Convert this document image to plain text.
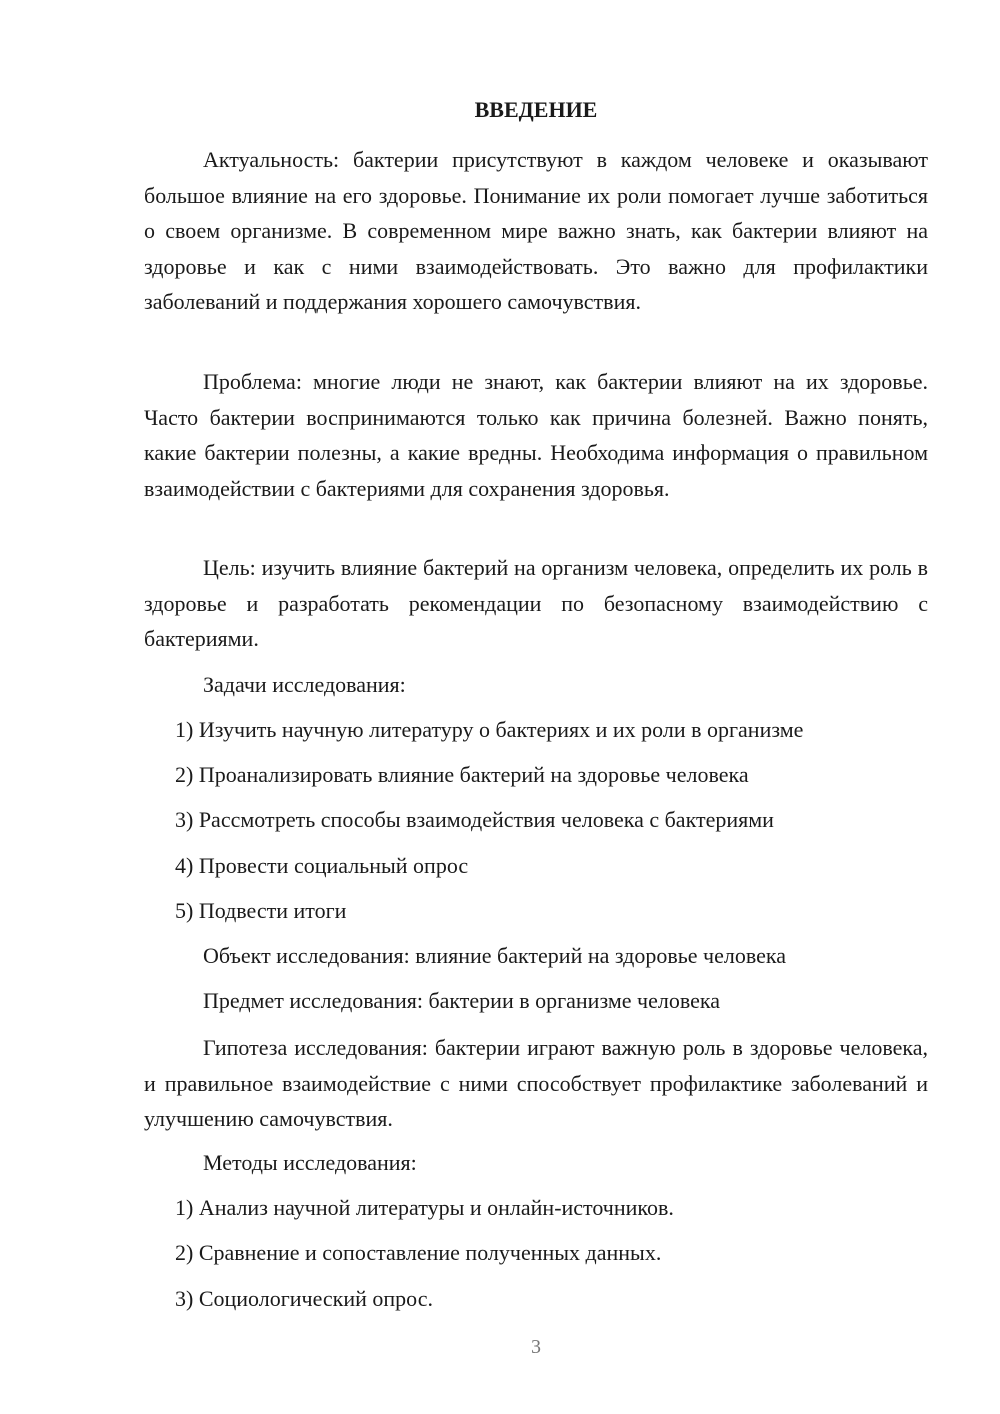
ВВЕДЕНИЕ

Актуальность: бактерии присутствуют в каждом человеке и оказывают большое влияние на его здоровье. Понимание их роли помогает лучше заботиться о своем организме. В современном мире важно знать, как бактерии влияют на здоровье и как с ними взаимодействовать. Это важно для профилактики заболеваний и поддержания хорошего самочувствия.

Проблема: многие люди не знают, как бактерии влияют на их здоровье. Часто бактерии воспринимаются только как причина болезней. Важно понять, какие бактерии полезны, а какие вредны. Необходима информация о правильном взаимодействии с бактериями для сохранения здоровья.

Цель: изучить влияние бактерий на организм человека, определить их роль в здоровье и разработать рекомендации по безопасному взаимодействию с бактериями.

Задачи исследования:
1) Изучить научную литературу о бактериях и их роли в организме
2) Проанализировать влияние бактерий на здоровье человека
3) Рассмотреть способы взаимодействия человека с бактериями
4) Провести социальный опрос
5) Подвести итоги
Объект исследования: влияние бактерий на здоровье человека
Предмет исследования: бактерии в организме человека

Гипотеза исследования: бактерии играют важную роль в здоровье человека, и правильное взаимодействие с ними способствует профилактике заболеваний и улучшению самочувствия.

Методы исследования:
1) Анализ научной литературы и онлайн-источников.
2) Сравнение и сопоставление полученных данных.
3) Социологический опрос.
3
